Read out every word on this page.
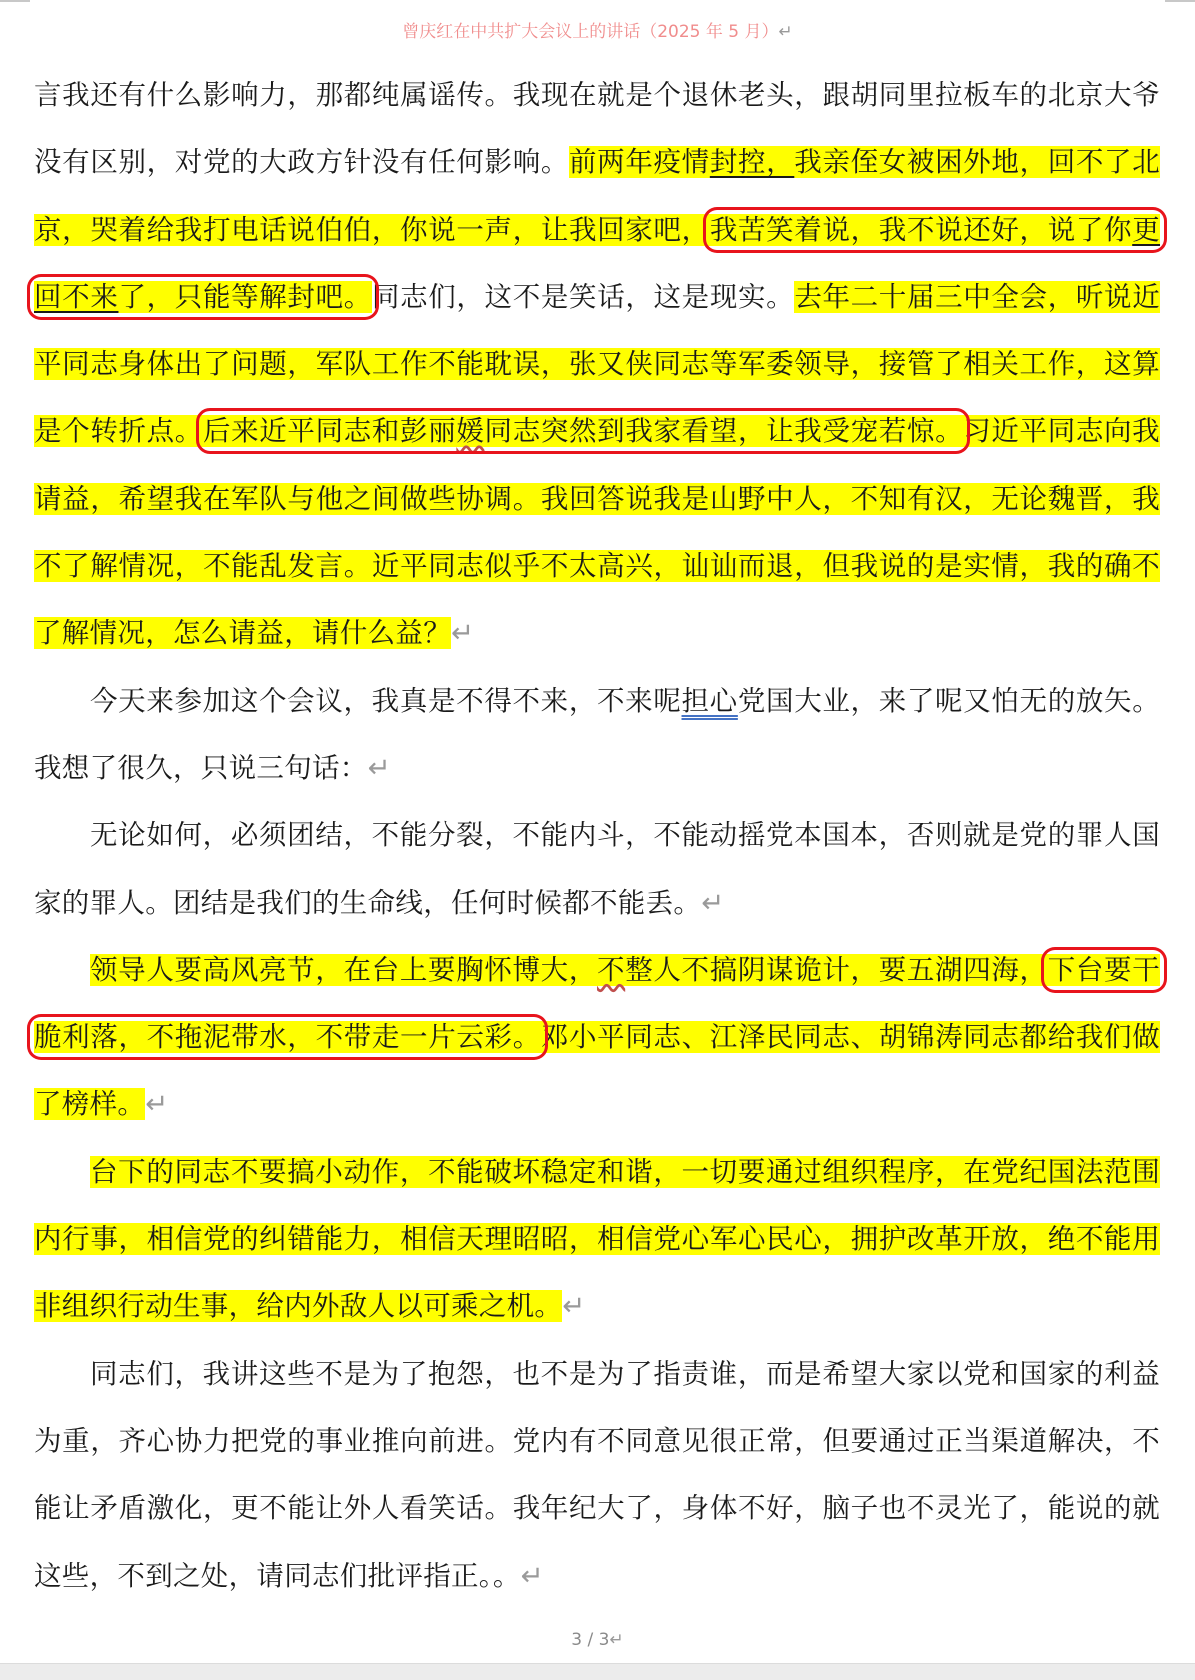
曾庆红在中共扩大会议上的讲话（2025 年 5 月）↵

言我还有什么影响力，那都纯属谣传。我现在就是个退休老头，跟胡同里拉板车的北京大爷没有区别，对党的大政方针没有任何影响。前两年疫情封控，我亲侄女被困外地，回不了北京，哭着给我打电话说伯伯，你说一声，让我回家吧，我苦笑着说，我不说还好，说了你更回不来了，只能等解封吧。同志们，这不是笑话，这是现实。去年二十届三中全会，听说近平同志身体出了问题，军队工作不能耽误，张又侠同志等军委领导，接管了相关工作，这算是个转折点。后来近平同志和彭丽媛同志突然到我家看望，让我受宠若惊。习近平同志向我请益，希望我在军队与他之间做些协调。我回答说我是山野中人，不知有汉，无论魏晋，我不了解情况，不能乱发言。近平同志似乎不太高兴，讪讪而退，但我说的是实情，我的确不了解情况，怎么请益，请什么益？↵

今天来参加这个会议，我真是不得不来，不来呢担心党国大业，来了呢又怕无的放矢。我想了很久，只说三句话：↵

无论如何，必须团结，不能分裂，不能内斗，不能动摇党本国本，否则就是党的罪人国家的罪人。团结是我们的生命线，任何时候都不能丢。↵

领导人要高风亮节，在台上要胸怀博大，不整人不搞阴谋诡计，要五湖四海，下台要干脆利落，不拖泥带水，不带走一片云彩。邓小平同志、江泽民同志、胡锦涛同志都给我们做了榜样。↵

台下的同志不要搞小动作，不能破坏稳定和谐，一切要通过组织程序，在党纪国法范围内行事，相信党的纠错能力，相信天理昭昭，相信党心军心民心，拥护改革开放，绝不能用非组织行动生事，给内外敌人以可乘之机。↵

同志们，我讲这些不是为了抱怨，也不是为了指责谁，而是希望大家以党和国家的利益为重，齐心协力把党的事业推向前进。党内有不同意见很正常，但要通过正当渠道解决，不能让矛盾激化，更不能让外人看笑话。我年纪大了，身体不好，脑子也不灵光了，能说的就这些，不到之处，请同志们批评指正。。↵

3 / 3↵
